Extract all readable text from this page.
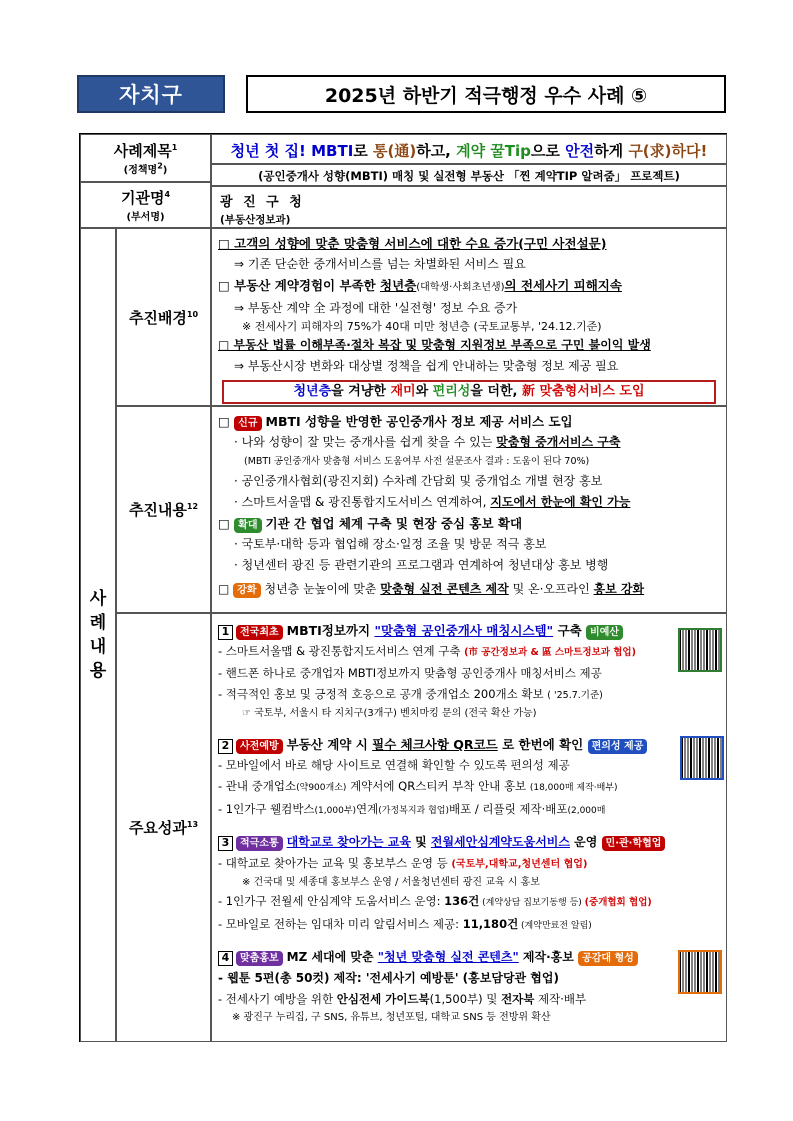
자치구	2025년 하반기 적극행정 우수 사례 ⑤
사례제목$^1$
(정책명$^2$)
청년 첫 집! MBTI로 통(通)하고, 계약 꿀Tip으로 안전하게 구(求)하다!
(공인중개사 성향(MBTI) 매칭 및 실전형 부동산 「찐 계약TIP 알려줌」 프로젝트)
기관명$^4$
(부서명)
광 진 구 청
(부동산정보과)
사
례
내
용
추진배경$^{10}$
□ 고객의 성향에 맞춘 맞춤형 서비스에 대한 수요 증가(구민 사전설문)
⇒ 기존 단순한 중개서비스를 넘는 차별화된 서비스 필요
□ 부동산 계약경험이 부족한 청년층(대학생·사회초년생)의 전세사기 피해지속
⇒ 부동산 계약 全 과정에 대한 '실전형' 정보 수요 증가
※ 전세사기 피해자의 75%가 40대 미만 청년층 (국토교통부, '24.12.기준)
□ 부동산 법률 이해부족·절차 복잡 및 맞춤형 지원정보 부족으로 구민 불이익 발생
⇒ 부동산시장 변화와 대상별 정책을 쉽게 안내하는 맞춤형 정보 제공 필요
청년층을 겨냥한 재미와 편리성을 더한, 新 맞춤형서비스 도입
추진내용$^{12}$
□ 신규 MBTI 성향을 반영한 공인중개사 정보 제공 서비스 도입
· 나와 성향이 잘 맞는 중개사를 쉽게 찾을 수 있는 맞춤형 중개서비스 구축
(MBTI 공인중개사 맞춤형 서비스 도움여부 사전 설문조사 결과 : 도움이 된다 70%)
· 공인중개사협회(광진지회) 수차례 간담회 및 중개업소 개별 현장 홍보
· 스마트서울맵 & 광진통합지도서비스 연계하여, 지도에서 한눈에 확인 가능
□ 확대 기관 간 협업 체계 구축 및 현장 중심 홍보 확대
· 국토부·대학 등과 협업해 장소·일정 조율 및 방문 적극 홍보
· 청년센터 광진 등 관련기관의 프로그램과 연계하여 청년대상 홍보 병행
□ 강화 청년층 눈높이에 맞춘 맞춤형 실전 콘텐츠 제작 및 온·오프라인 홍보 강화
주요성과$^{13}$
1 전국최초 MBTI정보까지 "맞춤형 공인중개사 매칭시스템" 구축 비예산
- 스마트서울맵 & 광진통합지도서비스 연계 구축 (市 공간정보과 & 區 스마트정보과 협업)
- 핸드폰 하나로 중개업자 MBTI정보까지 맞춤형 공인중개사 매칭서비스 제공
- 적극적인 홍보 및 긍정적 호응으로 공개 중개업소 200개소 확보 ( '25.7.기준)
☞ 국토부, 서울시 타 지치구(3개구) 벤치마킹 문의 (전국 확산 가능)
2 사전예방 부동산 계약 시 필수 체크사항 QR코드 로 한번에 확인 편의성 제공
- 모바일에서 바로 해당 사이트로 연결해 확인할 수 있도록 편의성 제공
- 관내 중개업소(약900개소) 계약서에 QR스티커 부착 안내 홍보 (18,000매 제작·배부)
- 1인가구 웰컴박스(1,000부)연계(가정복지과 협업)배포 / 리플릿 제작·배포(2,000매
3 적극소통 대학교로 찾아가는 교육 및 전월세안심계약도움서비스 운영 민·관·학협업
- 대학교로 찾아가는 교육 및 홍보부스 운영 등 (국토부,대학교,청년센터 협업)
※ 건국대 및 세종대 홍보부스 운영 / 서울청년센터 광진 교육 시 홍보
- 1인가구 전월세 안심계약 도움서비스 운영: 136건 (계약상담 집보기동행 등) (중개협회 협업)
- 모바일로 전하는 임대차 미리 알림서비스 제공: 11,180건 (계약만료전 알림)
4 맞춤홍보 MZ 세대에 맞춘 "청년 맞춤형 실전 콘텐츠" 제작·홍보 공감대 형성
- 웹툰 5편(총 50컷) 제작: '전세사기 예방툰' (홍보담당관 협업)
- 전세사기 예방을 위한 안심전세 가이드북(1,500부) 및 전자북 제작·배부
※ 광진구 누리집, 구 SNS, 유튜브, 청년포털, 대학교 SNS 등 전방위 확산
